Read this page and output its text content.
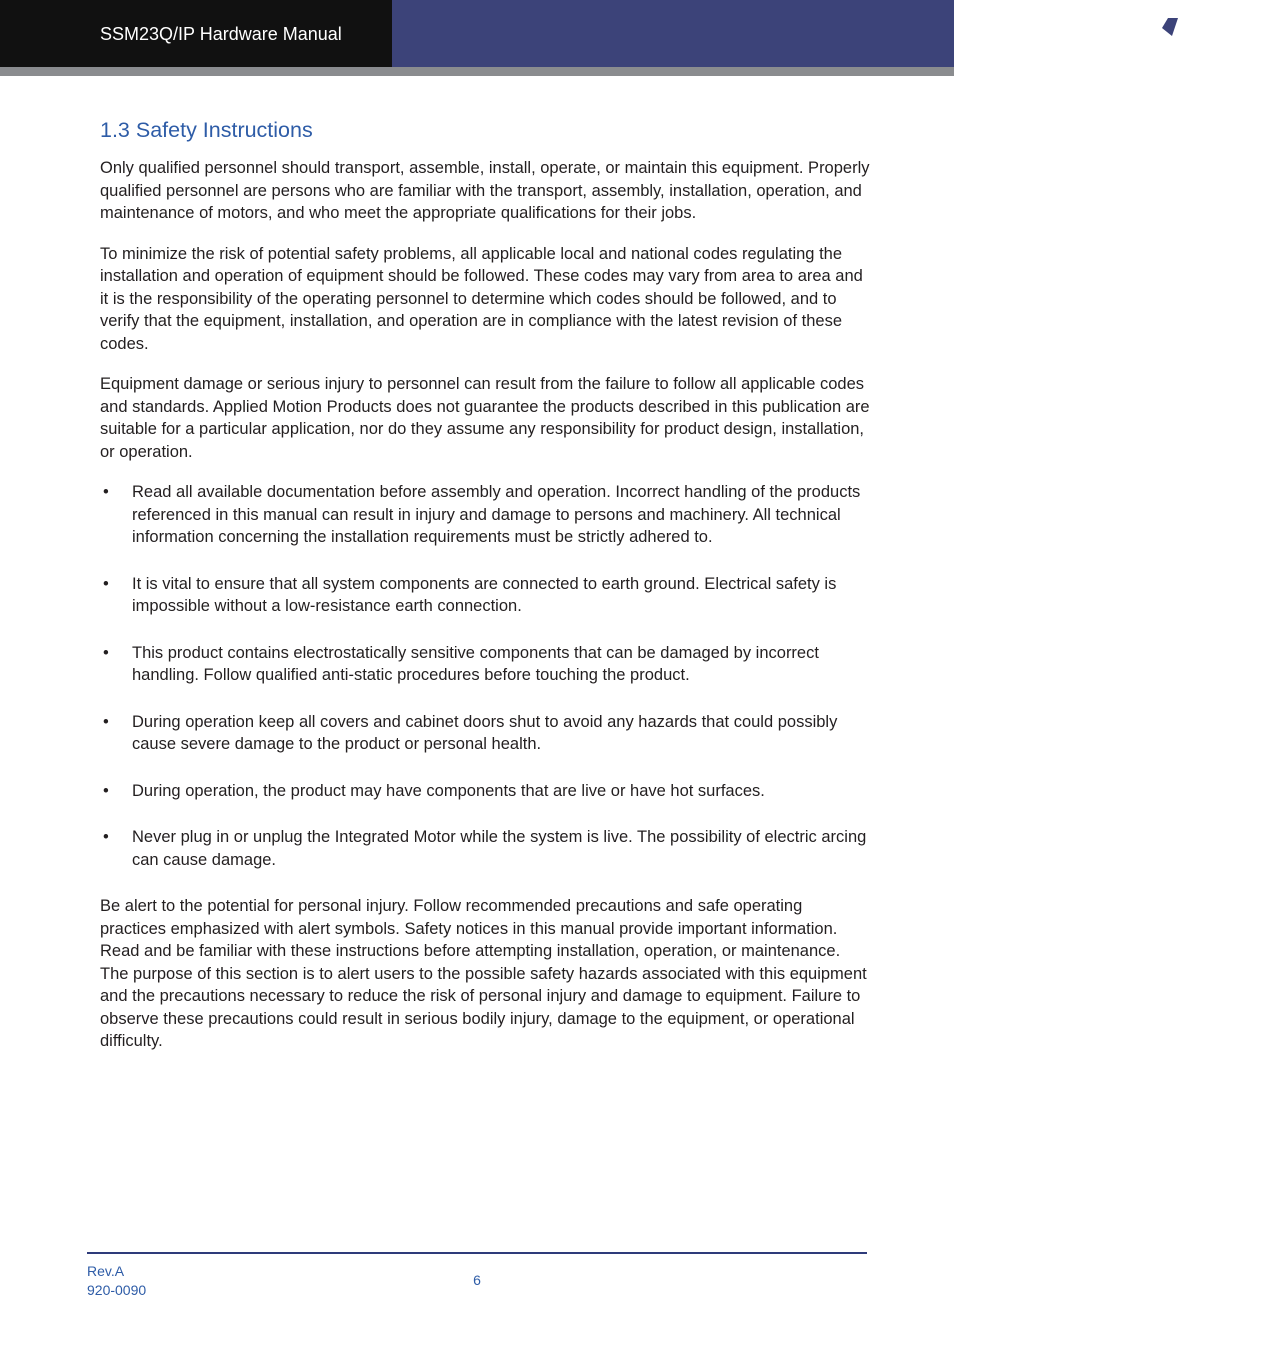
SSM23Q/IP Hardware Manual
Applied
Motion
Products
1.3 Safety Instructions

Only qualified personnel should transport, assemble, install, operate, or maintain this equipment. Properly qualified personnel are persons who are familiar with the transport, assembly, installation, operation, and maintenance of motors, and who meet the appropriate qualifications for their jobs.

To minimize the risk of potential safety problems, all applicable local and national codes regulating the installation and operation of equipment should be followed. These codes may vary from area to area and it is the responsibility of the operating personnel to determine which codes should be followed, and to verify that the equipment, installation, and operation are in compliance with the latest revision of these codes.

Equipment damage or serious injury to personnel can result from the failure to follow all applicable codes and standards. Applied Motion Products does not guarantee the products described in this publication are suitable for a particular application, nor do they assume any responsibility for product design, installation, or operation.

• Read all available documentation before assembly and operation. Incorrect handling of the products referenced in this manual can result in injury and damage to persons and machinery. All technical information concerning the installation requirements must be strictly adhered to.
• It is vital to ensure that all system components are connected to earth ground. Electrical safety is impossible without a low-resistance earth connection.
• This product contains electrostatically sensitive components that can be damaged by incorrect handling. Follow qualified anti-static procedures before touching the product.
• During operation keep all covers and cabinet doors shut to avoid any hazards that could possibly cause severe damage to the product or personal health.
• During operation, the product may have components that are live or have hot surfaces.
• Never plug in or unplug the Integrated Motor while the system is live. The possibility of electric arcing can cause damage.

Be alert to the potential for personal injury. Follow recommended precautions and safe operating practices emphasized with alert symbols. Safety notices in this manual provide important information. Read and be familiar with these instructions before attempting installation, operation, or maintenance. The purpose of this section is to alert users to the possible safety hazards associated with this equipment and the precautions necessary to reduce the risk of personal injury and damage to equipment. Failure to observe these precautions could result in serious bodily injury, damage to the equipment, or operational difficulty.

Rev.A
920-0090
6
